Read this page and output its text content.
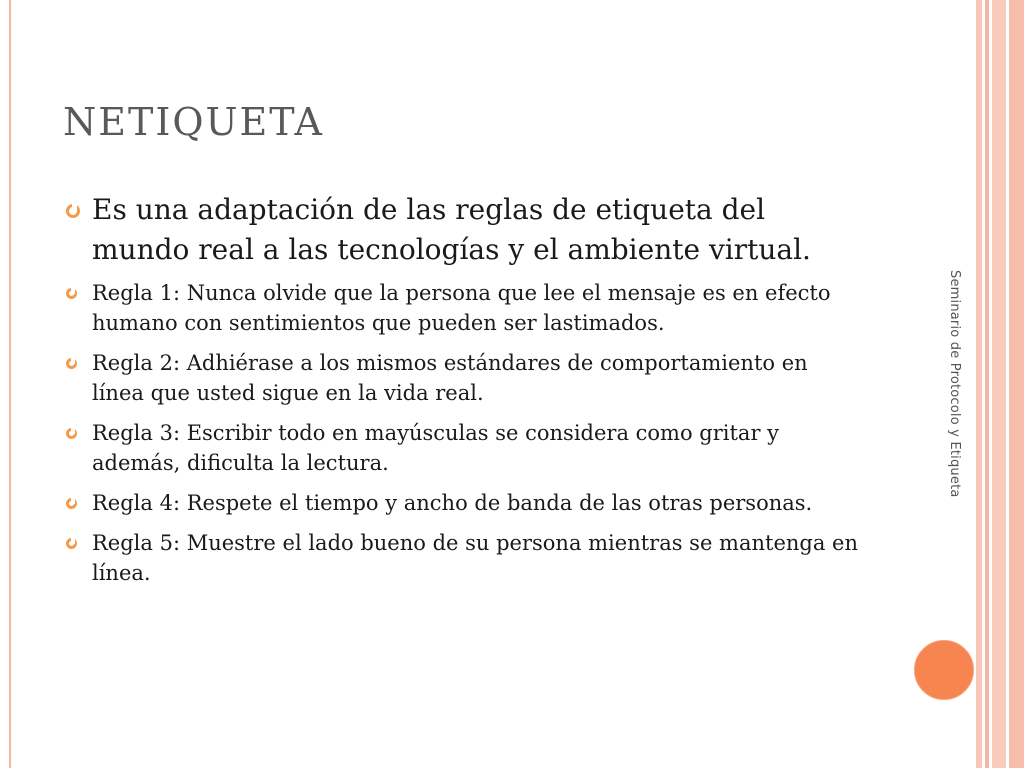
Seminario de Protocolo y Etiqueta
NETIQUETA
Es una adaptación de las reglas de etiqueta del mundo real a las tecnologías y el ambiente virtual.
Regla 1: Nunca olvide que la persona que lee el mensaje es en efecto humano con sentimientos que pueden ser lastimados.
Regla 2: Adhiérase a los mismos estándares de comportamiento en línea que usted sigue en la vida real.
Regla 3: Escribir todo en mayúsculas se considera como gritar y además, dificulta la lectura.
Regla 4: Respete el tiempo y ancho de banda de las otras personas.
Regla 5: Muestre el lado bueno de su persona mientras se mantenga en línea.
